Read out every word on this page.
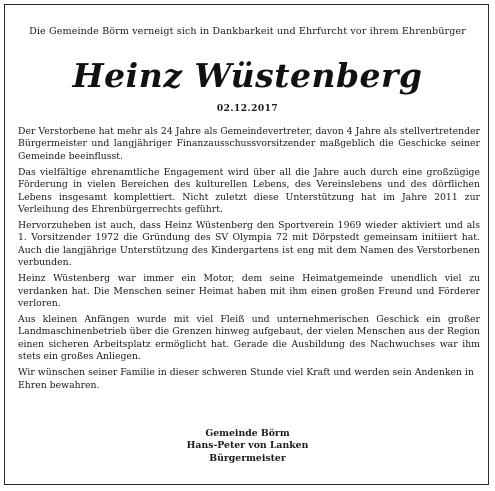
Die Gemeinde Börm verneigt sich in Dankbarkeit und Ehrfurcht vor ihrem Ehrenbürger
Heinz Wüstenberg
02.12.2017

Der Verstorbene hat mehr als 24 Jahre als Gemeindevertreter, davon 4 Jahre als stellvertretender Bürgermeister und langjähriger Finanzausschussvorsitzender maßgeblich die Geschicke seiner Gemeinde beeinflusst.

Das vielfältige ehrenamtliche Engagement wird über all die Jahre auch durch eine großzügige Förderung in vielen Bereichen des kulturellen Lebens, des Vereinslebens und des dörflichen Lebens insgesamt komplettiert. Nicht zuletzt diese Unterstützung hat im Jahre 2011 zur Verleihung des Ehrenbürgerrechts geführt.

Hervorzuheben ist auch, dass Heinz Wüstenberg den Sportverein 1969 wieder aktiviert und als 1. Vorsitzender 1972 die Gründung des SV Olympia 72 mit Dörpstedt gemeinsam initiiert hat. Auch die langjährige Unterstützung des Kindergartens ist eng mit dem Namen des Verstorbenen verbunden.

Heinz Wüstenberg war immer ein Motor, dem seine Heimatgemeinde unendlich viel zu verdanken hat. Die Menschen seiner Heimat haben mit ihm einen großen Freund und Förderer verloren.

Aus kleinen Anfängen wurde mit viel Fleiß und unternehmerischen Geschick ein großer Landmaschinenbetrieb über die Grenzen hinweg aufgebaut, der vielen Menschen aus der Region einen sicheren Arbeitsplatz ermöglicht hat. Gerade die Ausbildung des Nachwuchses war ihm stets ein großes Anliegen.

Wir wünschen seiner Familie in dieser schweren Stunde viel Kraft und werden sein Andenken in Ehren bewahren.

Gemeinde Börm
Hans-Peter von Lanken
Bürgermeister
